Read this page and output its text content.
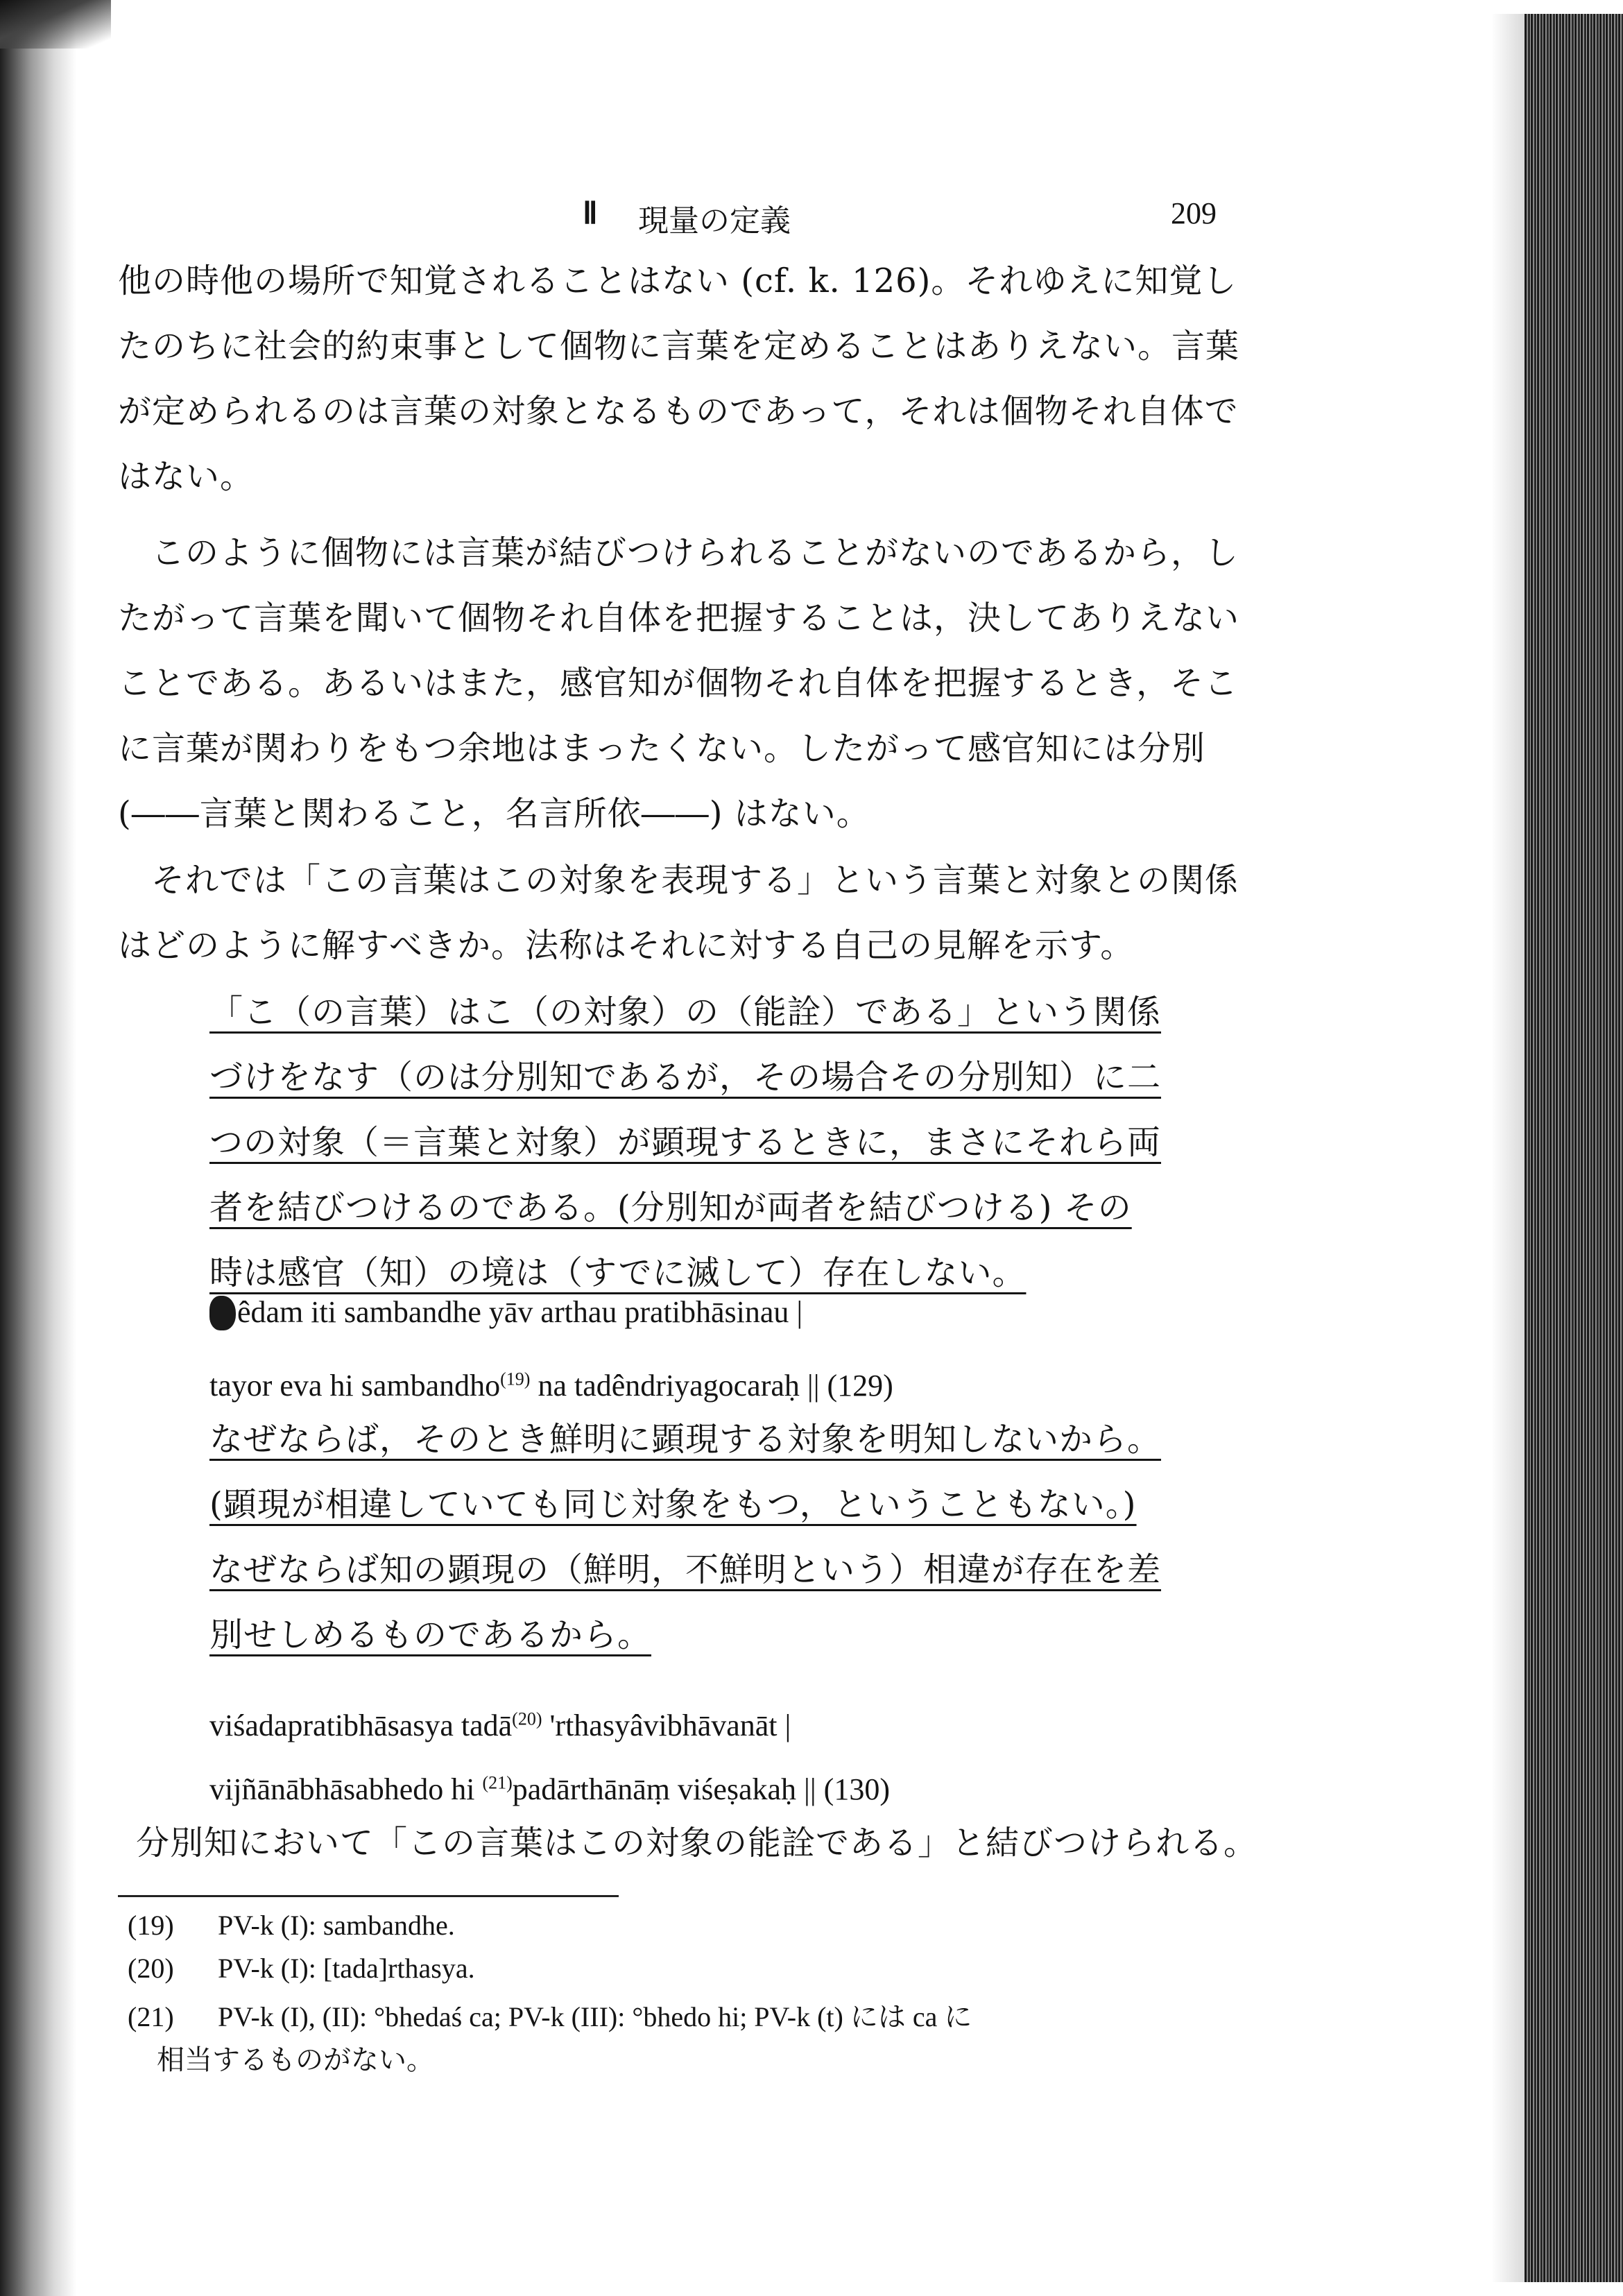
Ⅱ 現量の定義	209
他の時他の場所で知覚されることはない (cf. k. 126)。それゆえに知覚したのちに社会的約束事として個物に言葉を定めることはありえない。言葉が定められるのは言葉の対象となるものであって，それは個物それ自体ではない。
このように個物には言葉が結びつけられることがないのであるから，したがって言葉を聞いて個物それ自体を把握することは，決してありえないことである。あるいはまた，感官知が個物それ自体を把握するとき，そこに言葉が関わりをもつ余地はまったくない。したがって感官知には分別(――言葉と関わること，名言所依――) はない。
それでは「この言葉はこの対象を表現する」という言葉と対象との関係はどのように解すべきか。法称はそれに対する自己の見解を示す。
「こ（の言葉）はこ（の対象）の（能詮）である」という関係
づけをなす（のは分別知であるが，その場合その分別知）に二
つの対象（＝言葉と対象）が顕現するときに，まさにそれら両
者を結びつけるのである。(分別知が両者を結びつける) その
時は感官（知）の境は（すでに滅して）存在しない。
êdam iti sambandhe yāv arthau pratibhāsinau |
tayor eva hi sambandho$^{(19)}$ na tadêndriyagocaraḥ || (129)
なぜならば，そのとき鮮明に顕現する対象を明知しないから。
(顕現が相違していても同じ対象をもつ，ということもない。)
なぜならば知の顕現の（鮮明，不鮮明という）相違が存在を差
別せしめるものであるから。
viśadapratibhāsasya tadā$^{(20)}$ 'rthasyâvibhāvanāt |
vijñānābhāsabhedo hi $^{(21)}$padārthānāṃ viśeṣakaḥ || (130)
分別知において「この言葉はこの対象の能詮である」と結びつけられる。
(19) PV-k (I): sambandhe.
(20) PV-k (I): [tada]rthasya.
(21) PV-k (I), (II): °bhedaś ca; PV-k (III): °bhedo hi; PV-k (t) には ca に
相当するものがない。
